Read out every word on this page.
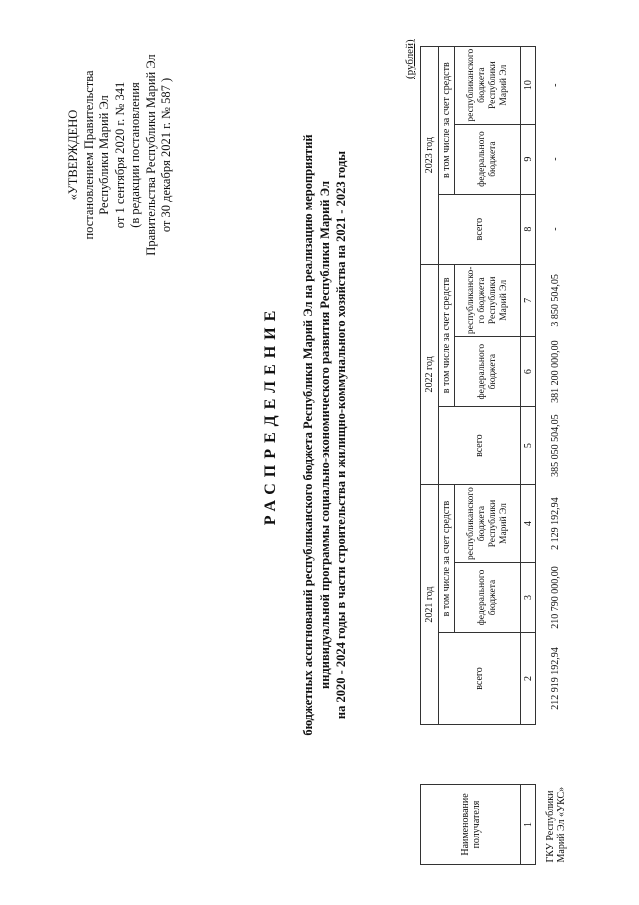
«УТВЕРЖДЕНО постановлением Правительства Республики Марий Эл от 1 сентября 2020 г. № 341 (в редакции постановления Правительства Республики Марий Эл от 30 декабря 2021 г. № 587 )
РАСПРЕДЕЛЕНИЕ бюджетных ассигнований республиканского бюджета Республики Марий Эл на реализацию мероприятий индивидуальной программы социально-экономического развития Республики Марий Эл на 2020 - 2024 годы в части строительства и жилищно-коммунального хозяйства на 2021 - 2023 годы
(рублей)
Наименование получателя		2021 год			2022 год			2023 год		
		всего	в том числе за счет средств		всего	в том числе за счет средств		всего	в том числе за счет средств	
			федерального бюджета	республиканского бюджета Республики Марий Эл		федерального бюджета	республиканско-го бюджета Республики Марий Эл		федерального бюджета	республиканского бюджета Республики Марий Эл
1		2	3	4	5	6	7	8	9	10
ГКУ Республики Марий Эл «УКС»		212 919 192,94	210 790 000,00	2 129 192,94	385 050 504,05	381 200 000,00	3 850 504,05	-	-	-
